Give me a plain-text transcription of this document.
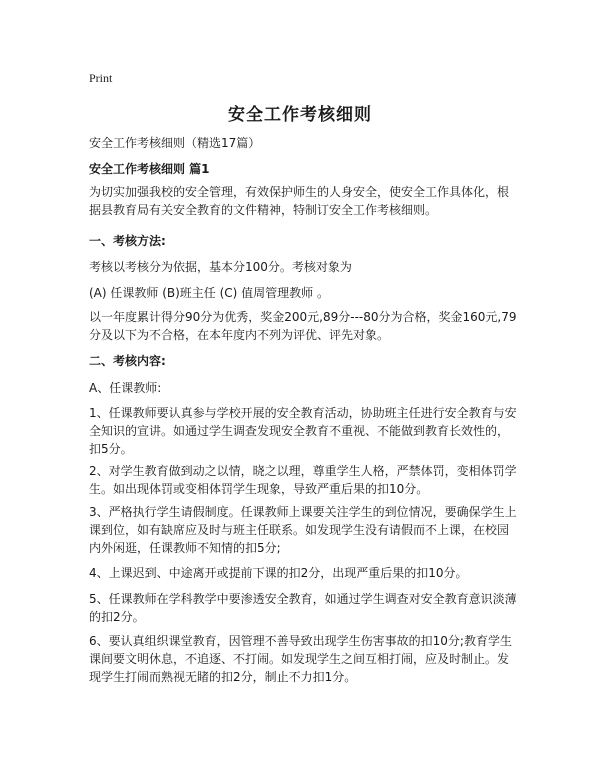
Print
安全工作考核细则
安全工作考核细则（精选17篇）
安全工作考核细则 篇1
为切实加强我校的安全管理，有效保护师生的人身安全，使安全工作具体化，根据县教育局有关安全教育的文件精神，特制订安全工作考核细则。
一、考核方法:
考核以考核分为依据，基本分100分。考核对象为
(A) 任课教师 (B)班主任 (C) 值周管理教师 。
以一年度累计得分90分为优秀，奖金200元,89分---80分为合格，奖金160元,79分及以下为不合格，在本年度内不列为评优、评先对象。
二、考核内容:
A、任课教师:
1、任课教师要认真参与学校开展的安全教育活动，协助班主任进行安全教育与安全知识的宣讲。如通过学生调查发现安全教育不重视、不能做到教育长效性的，扣5分。
2、对学生教育做到动之以情，晓之以理，尊重学生人格，严禁体罚，变相体罚学生。如出现体罚或变相体罚学生现象，导致严重后果的扣10分。
3、严格执行学生请假制度。任课教师上课要关注学生的到位情况，要确保学生上课到位，如有缺席应及时与班主任联系。如发现学生没有请假而不上课，在校园内外闲逛，任课教师不知情的扣5分;
4、上课迟到、中途离开或提前下课的扣2分，出现严重后果的扣10分。
5、任课教师在学科教学中要渗透安全教育，如通过学生调查对安全教育意识淡薄的扣2分。
6、要认真组织课堂教育，因管理不善导致出现学生伤害事故的扣10分;教育学生课间要文明休息，不追逐、不打闹。如发现学生之间互相打闹，应及时制止。发现学生打闹而熟视无睹的扣2分，制止不力扣1分。
